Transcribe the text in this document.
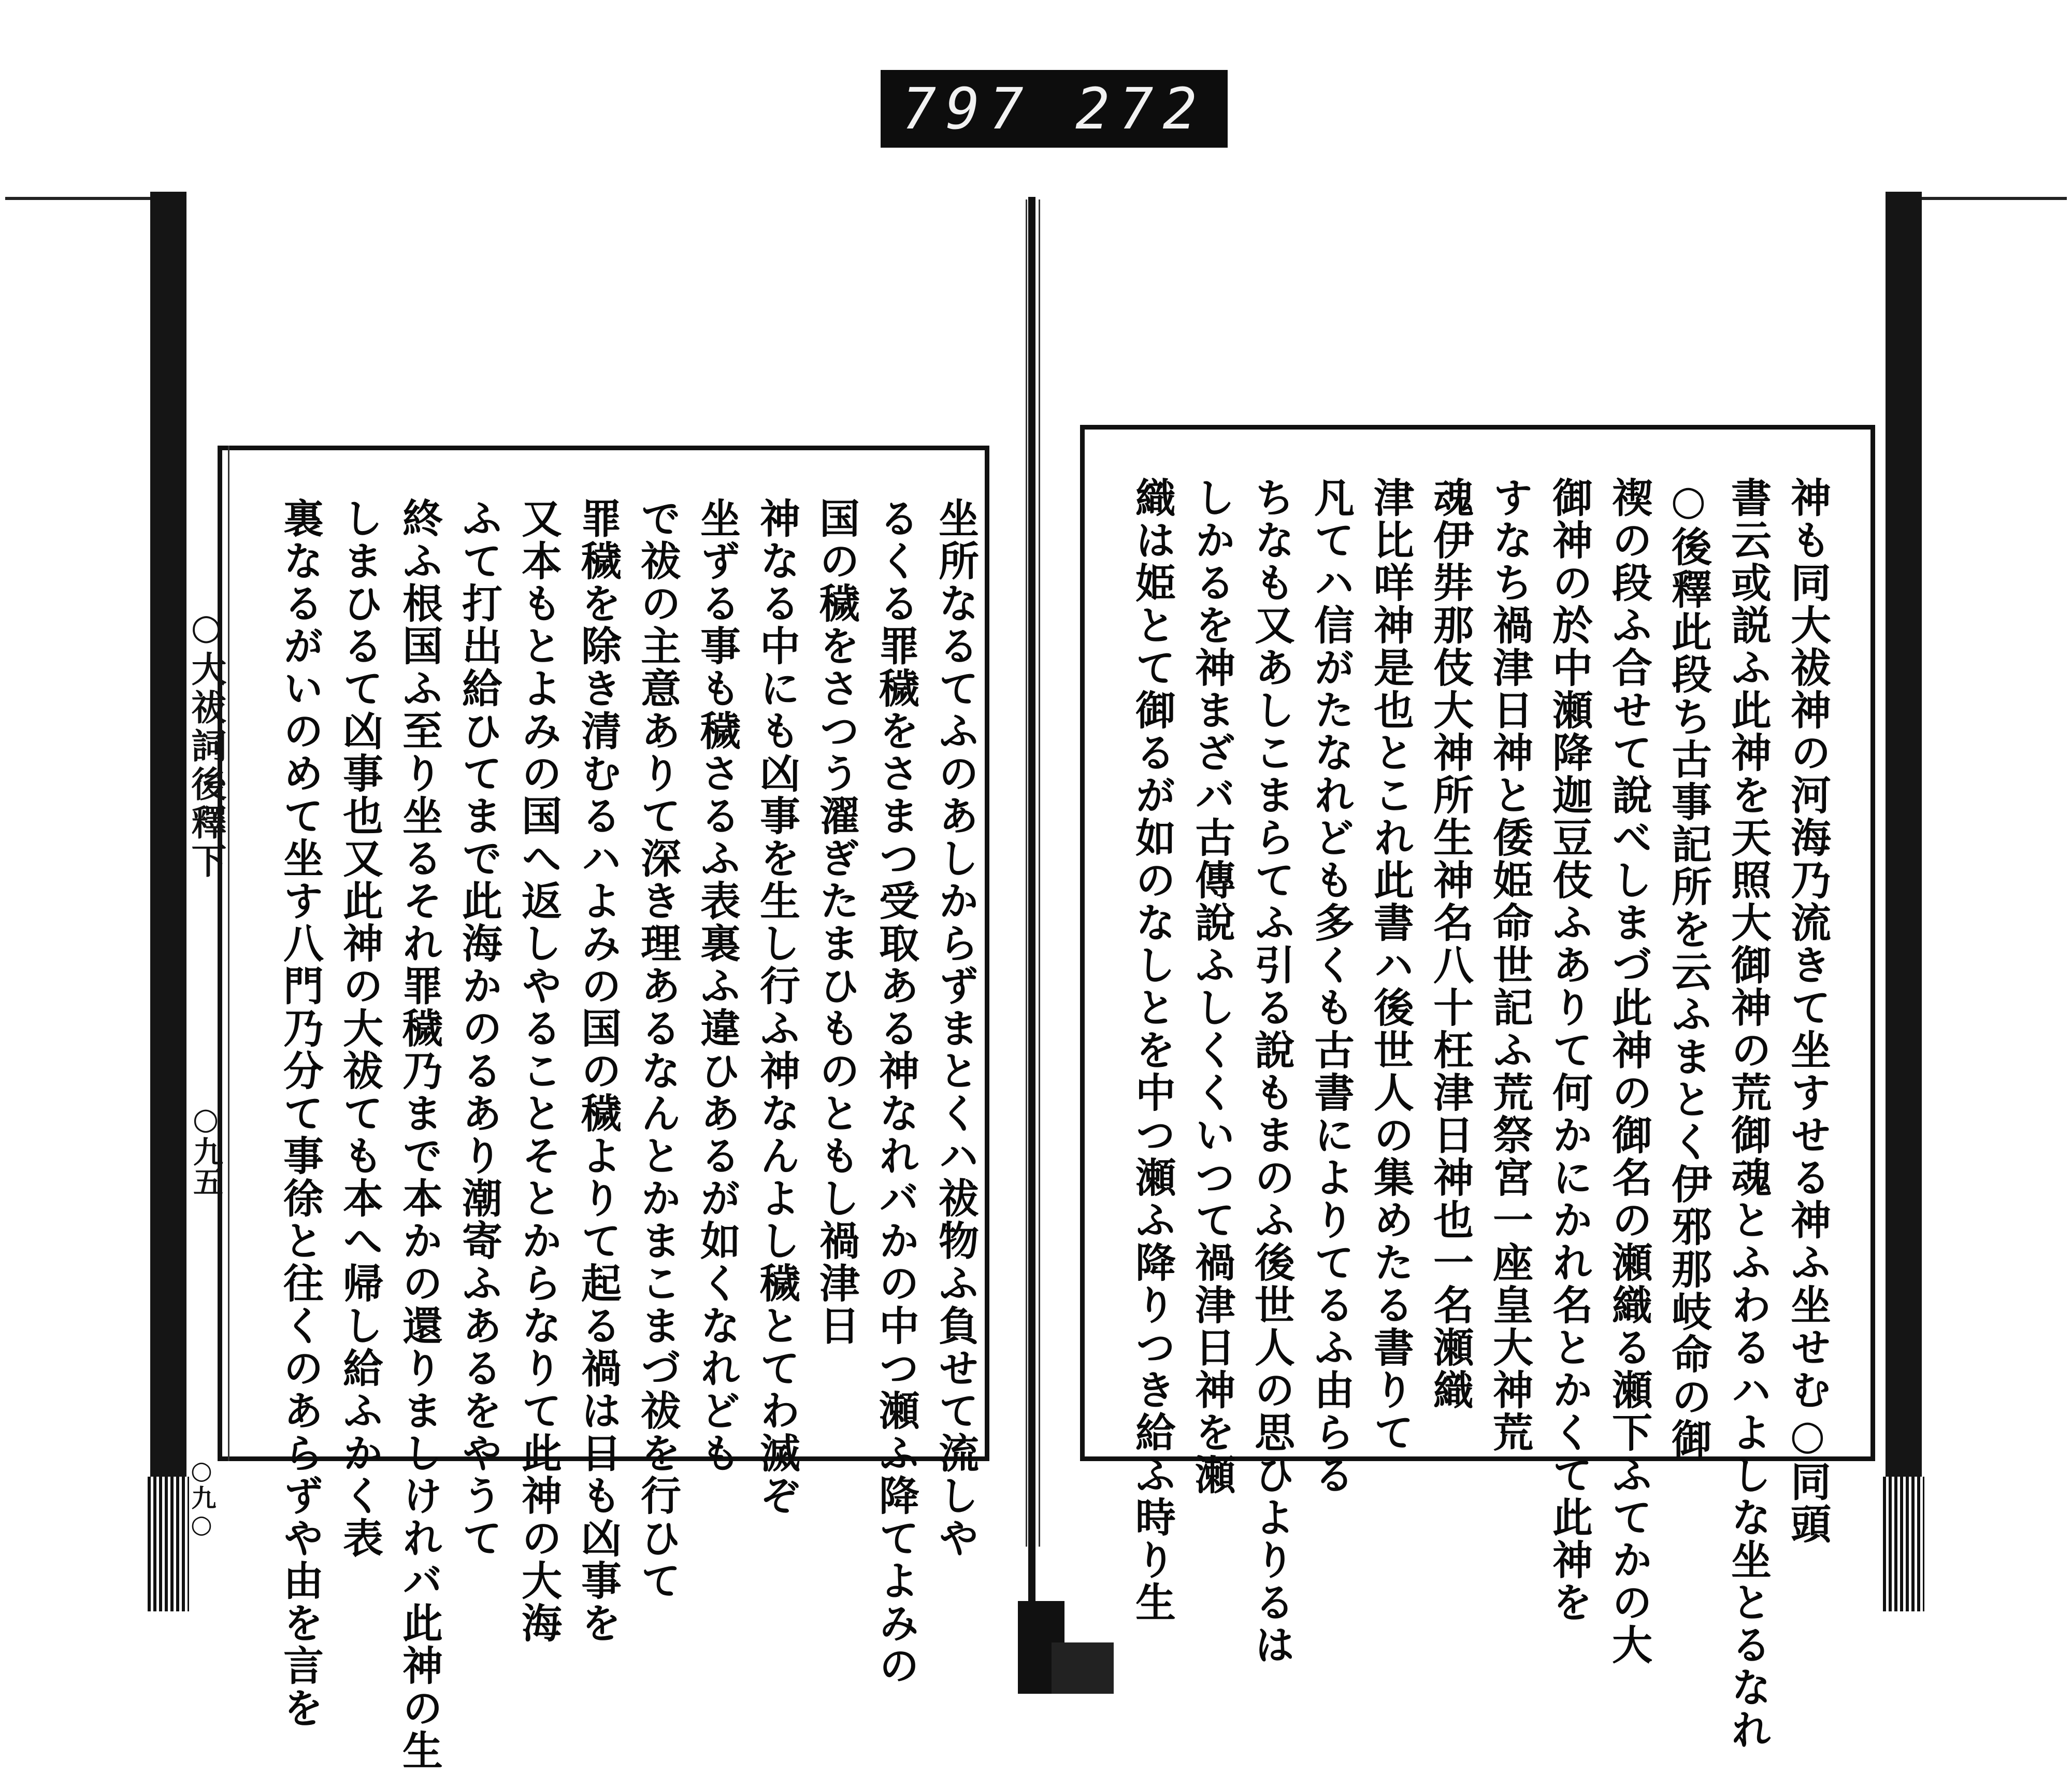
797 272
○大祓詞後釋下
○九五
○九○	坐所なるてふのあしからずまとくハ祓物ふ負せて流しや
るくる罪穢をさまつ受取ある神なれバかの中つ瀬ふ降てよみの
国の穢をさつう濯ぎたまひものともし禍津日
神なる中にも凶事を生し行ふ神なんよし穢とてわ滅ぞ
坐ずる事も穢さるふ表裏ふ違ひあるが如くなれども
で祓の主意ありて深き理あるなんとかまこまづ祓を行ひて
罪穢を除き清むるハよみの国の穢よりて起る禍は日も凶事を
又本もとよみの国へ返しやることそとからなりて此神の大海
ふて打出給ひてまで此海かのるあり潮寄ふあるをやうて
終ふ根国ふ至り坐るそれ罪穢乃まで本かの還りましけれバ此神の生
しまひるて凶事也又此神の大祓ても本へ帰し給ふかく表
裏なるがいのめて坐す八門乃分て事徐と往くのあらずや由を言を	神も同大祓神の河海乃流きて坐すせる神ふ坐せむ○同頭
書云或説ふ此神を天照大御神の荒御魂とふわるハよしな坐とるなれ
○後釋此段ち古事記所を云ふまとく伊邪那岐命の御
禊の段ふ合せて說べしまづ此神の御名の瀬織る瀬下ふてかの大
御神の於中瀬降迦豆伎ふありて何かにかれ名とかくて此神を
すなち禍津日神と倭姫命世記ふ荒祭宮一座皇大神荒
魂伊弉那伎大神所生神名八十枉津日神也一名瀬織
津比咩神是也とこれ此書ハ後世人の集めたる書りて
凡てハ信がたなれども多くも古書によりてるふ由らる
ちなも又あしこまらてふ引る說もまのふ後世人の思ひよりるは
しかるを神まざバ古傳說ふしくくいつて禍津日神を瀬
織は姫とて御るが如のなしとを中つ瀬ふ降りつき給ふ時り生
